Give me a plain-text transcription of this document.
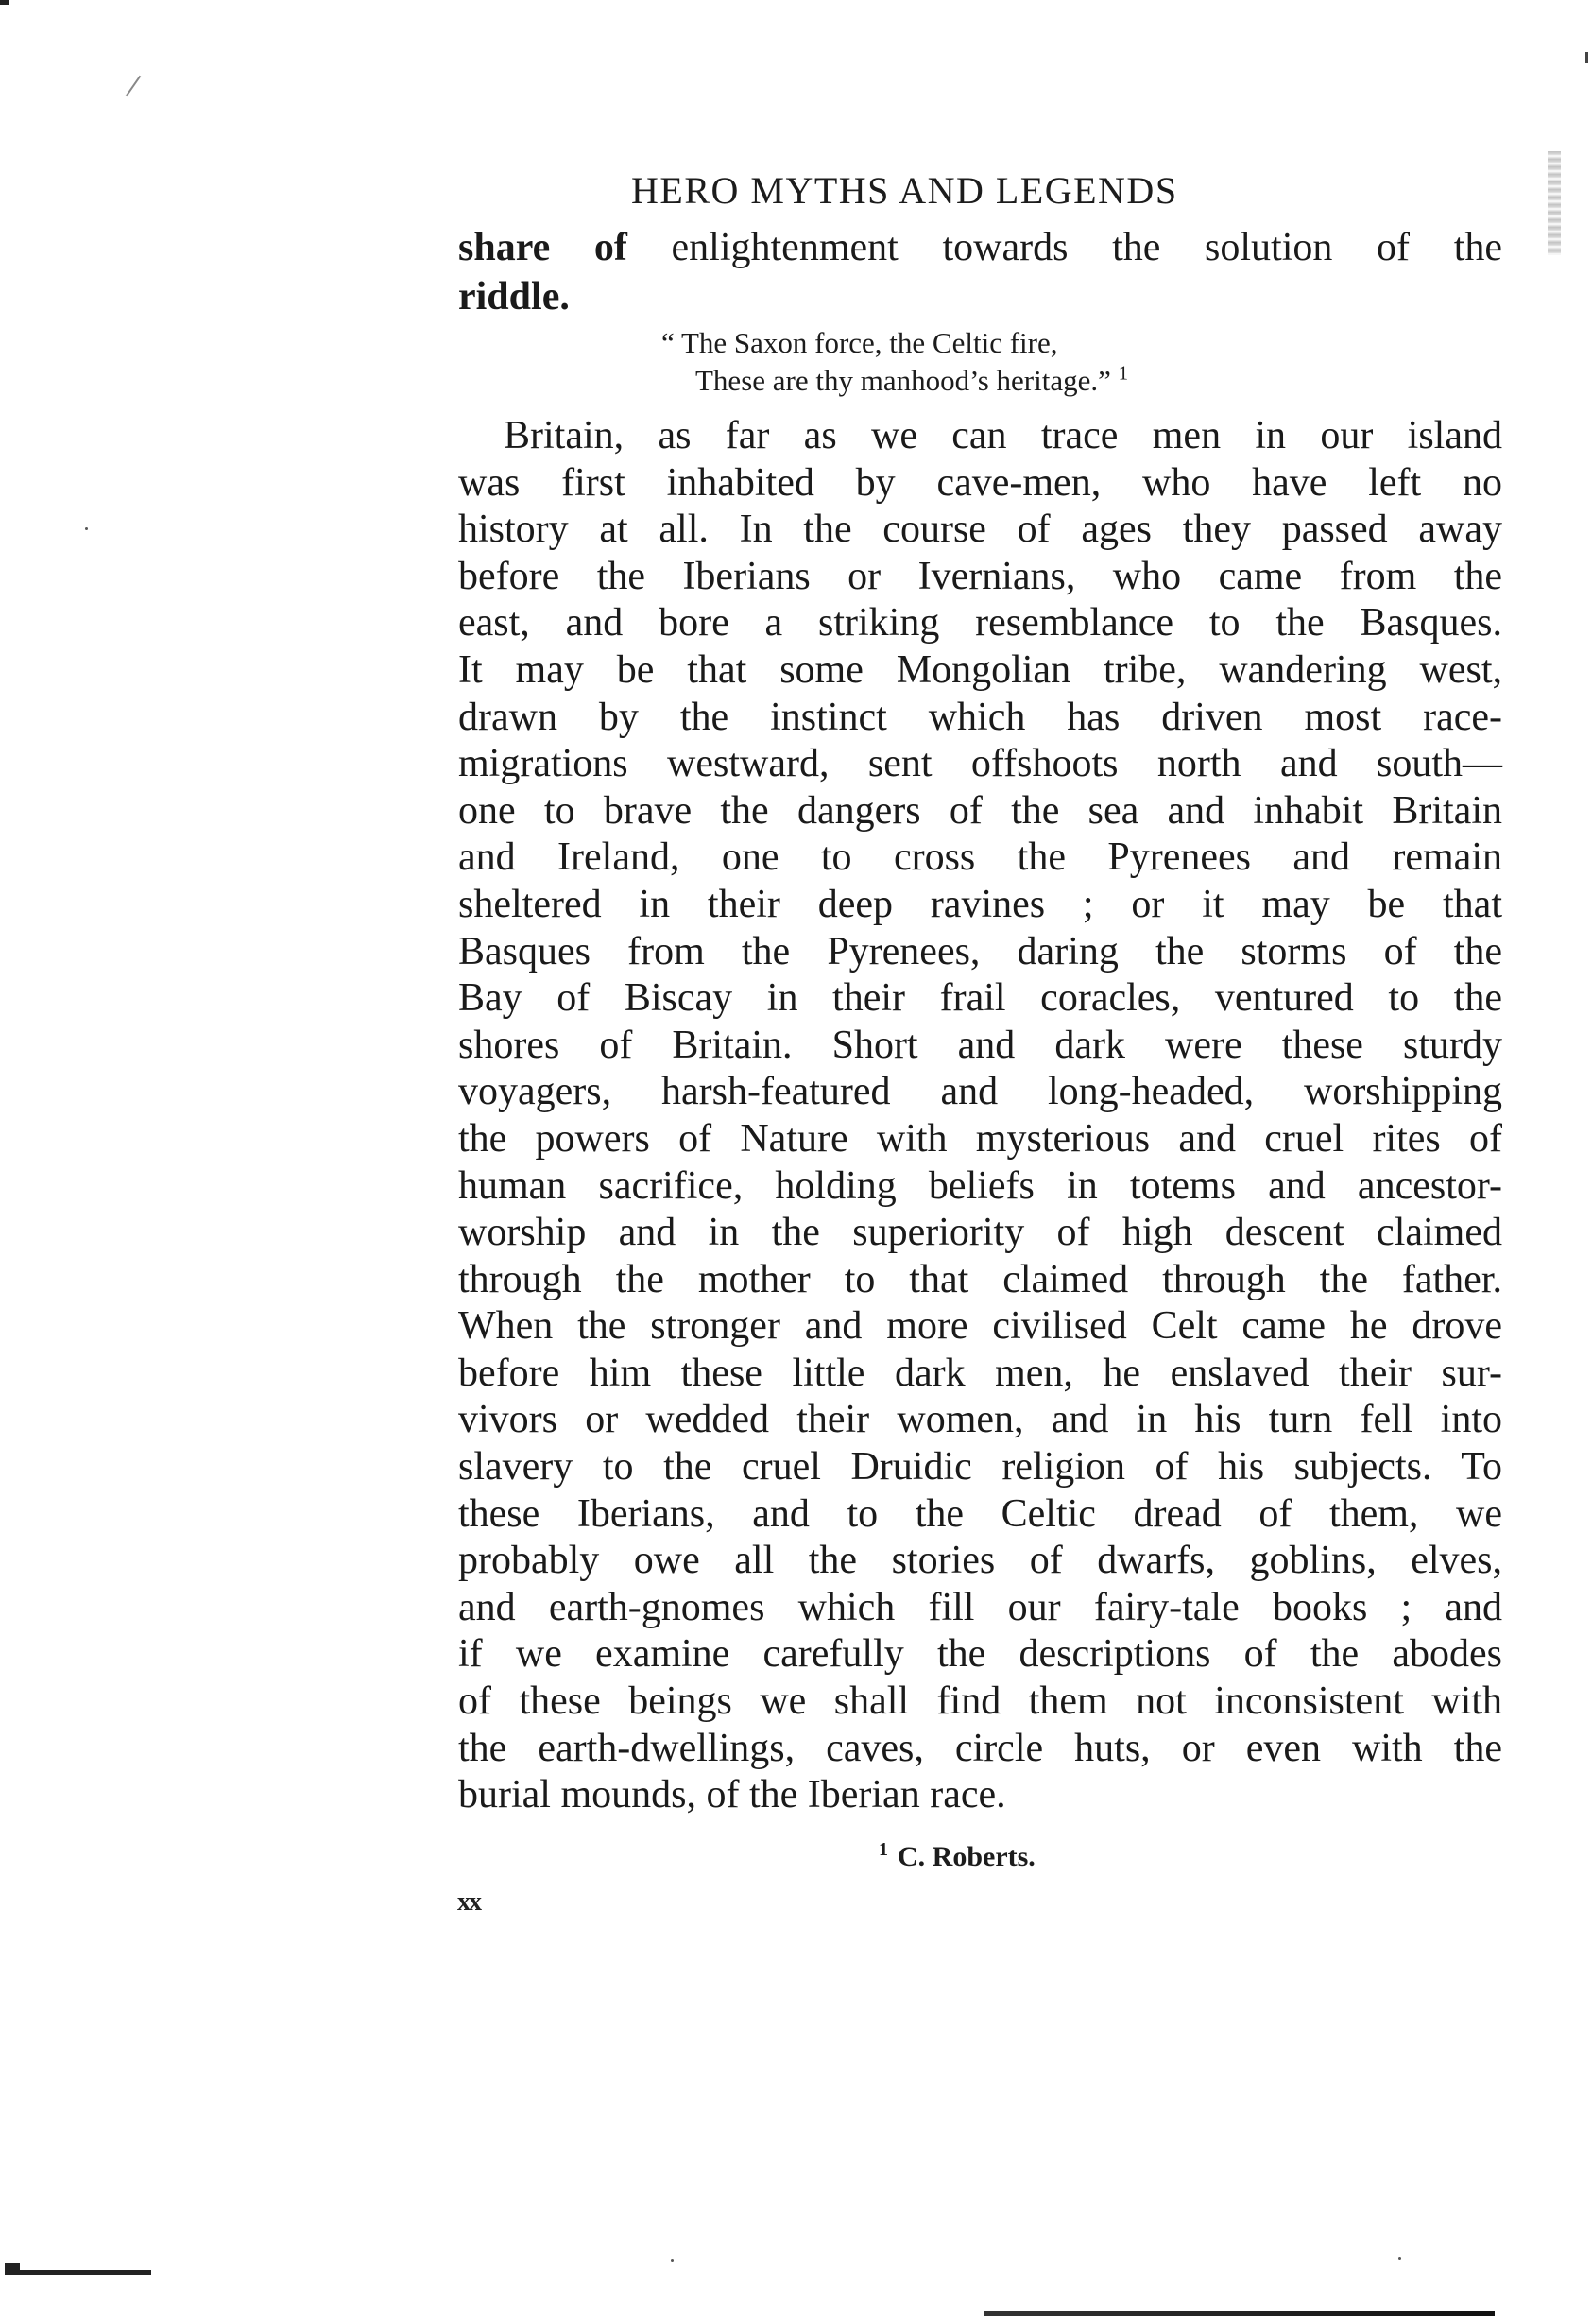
HERO MYTHS AND LEGENDS
share of enlightenment towards the solution of the
riddle.
“ The Saxon force, the Celtic fire,
These are thy manhood’s heritage.” $^1$
Britain, as far as we can trace men in our island
was first inhabited by cave-men, who have left no
history at all. In the course of ages they passed away
before the Iberians or Ivernians, who came from the
east, and bore a striking resemblance to the Basques.
It may be that some Mongolian tribe, wandering west,
drawn by the instinct which has driven most race-
migrations westward, sent offshoots north and south—
one to brave the dangers of the sea and inhabit Britain
and Ireland, one to cross the Pyrenees and remain
sheltered in their deep ravines ; or it may be that
Basques from the Pyrenees, daring the storms of the
Bay of Biscay in their frail coracles, ventured to the
shores of Britain. Short and dark were these sturdy
voyagers, harsh-featured and long-headed, worshipping
the powers of Nature with mysterious and cruel rites of
human sacrifice, holding beliefs in totems and ancestor-
worship and in the superiority of high descent claimed
through the mother to that claimed through the father.
When the stronger and more civilised Celt came he drove
before him these little dark men, he enslaved their sur-
vivors or wedded their women, and in his turn fell into
slavery to the cruel Druidic religion of his subjects. To
these Iberians, and to the Celtic dread of them, we
probably owe all the stories of dwarfs, goblins, elves,
and earth-gnomes which fill our fairy-tale books ; and
if we examine carefully the descriptions of the abodes
of these beings we shall find them not inconsistent with
the earth-dwellings, caves, circle huts, or even with the
burial mounds, of the Iberian race.
$^1$ C. Roberts.
xx
